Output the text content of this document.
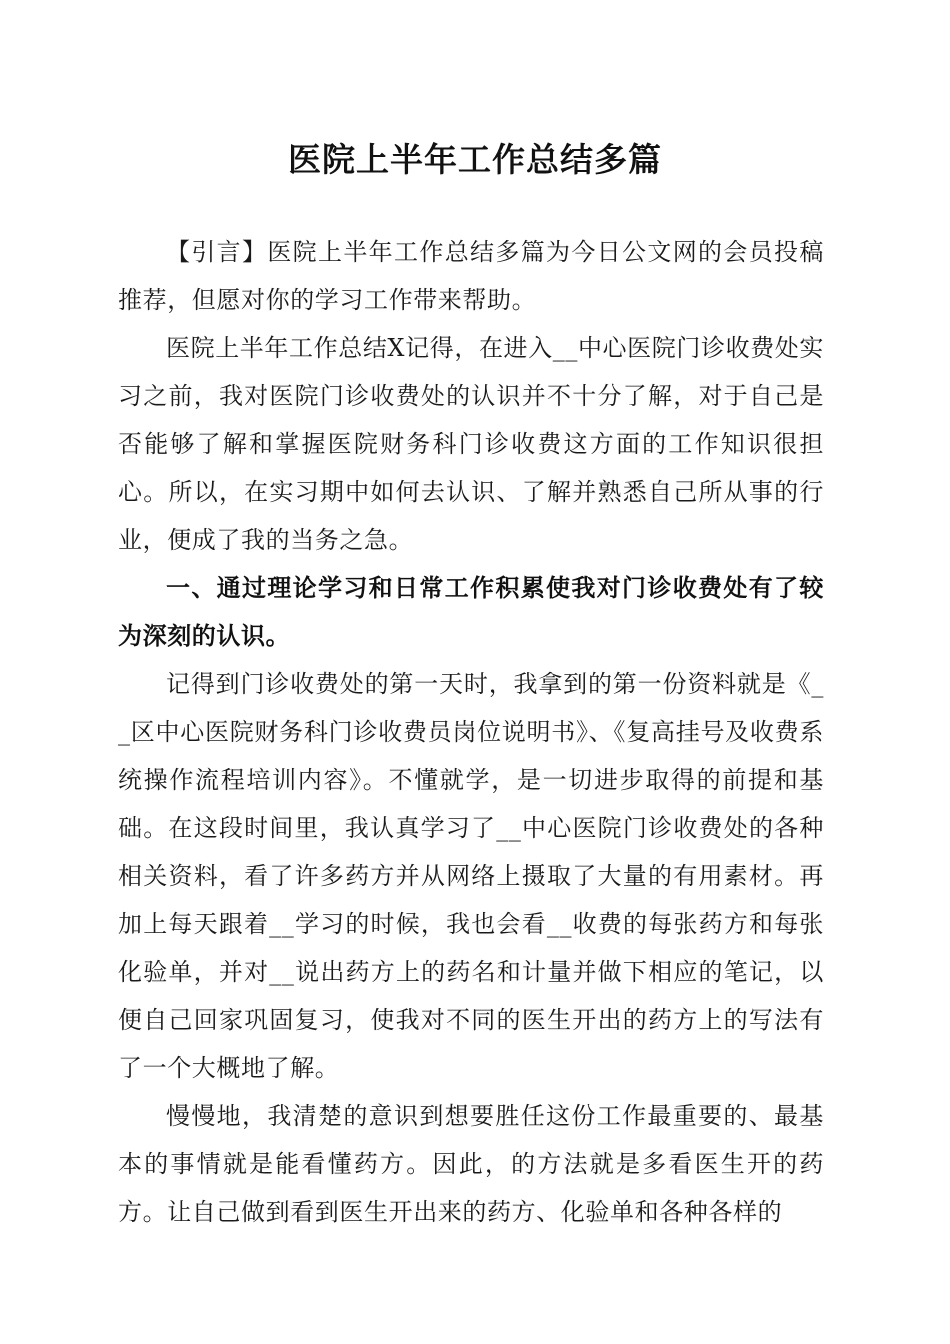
医院上半年工作总结多篇

【引言】医院上半年工作总结多篇为今日公文网的会员投稿推荐，但愿对你的学习工作带来帮助。

医院上半年工作总结X记得，在进入__中心医院门诊收费处实习之前，我对医院门诊收费处的认识并不十分了解，对于自己是否能够了解和掌握医院财务科门诊收费这方面的工作知识很担心。所以，在实习期中如何去认识、了解并熟悉自己所从事的行业，便成了我的当务之急。

一、通过理论学习和日常工作积累使我对门诊收费处有了较为深刻的认识。

记得到门诊收费处的第一天时，我拿到的第一份资料就是《__区中心医院财务科门诊收费员岗位说明书》、《复高挂号及收费系统操作流程培训内容》。不懂就学，是一切进步取得的前提和基础。在这段时间里，我认真学习了__中心医院门诊收费处的各种相关资料，看了许多药方并从网络上摄取了大量的有用素材。再加上每天跟着__学习的时候，我也会看__收费的每张药方和每张化验单，并对__说出药方上的药名和计量并做下相应的笔记，以便自己回家巩固复习，使我对不同的医生开出的药方上的写法有了一个大概地了解。

慢慢地，我清楚的意识到想要胜任这份工作最重要的、最基本的事情就是能看懂药方。因此，的方法就是多看医生开的药方。让自己做到看到医生开出来的药方、化验单和各种各样的
